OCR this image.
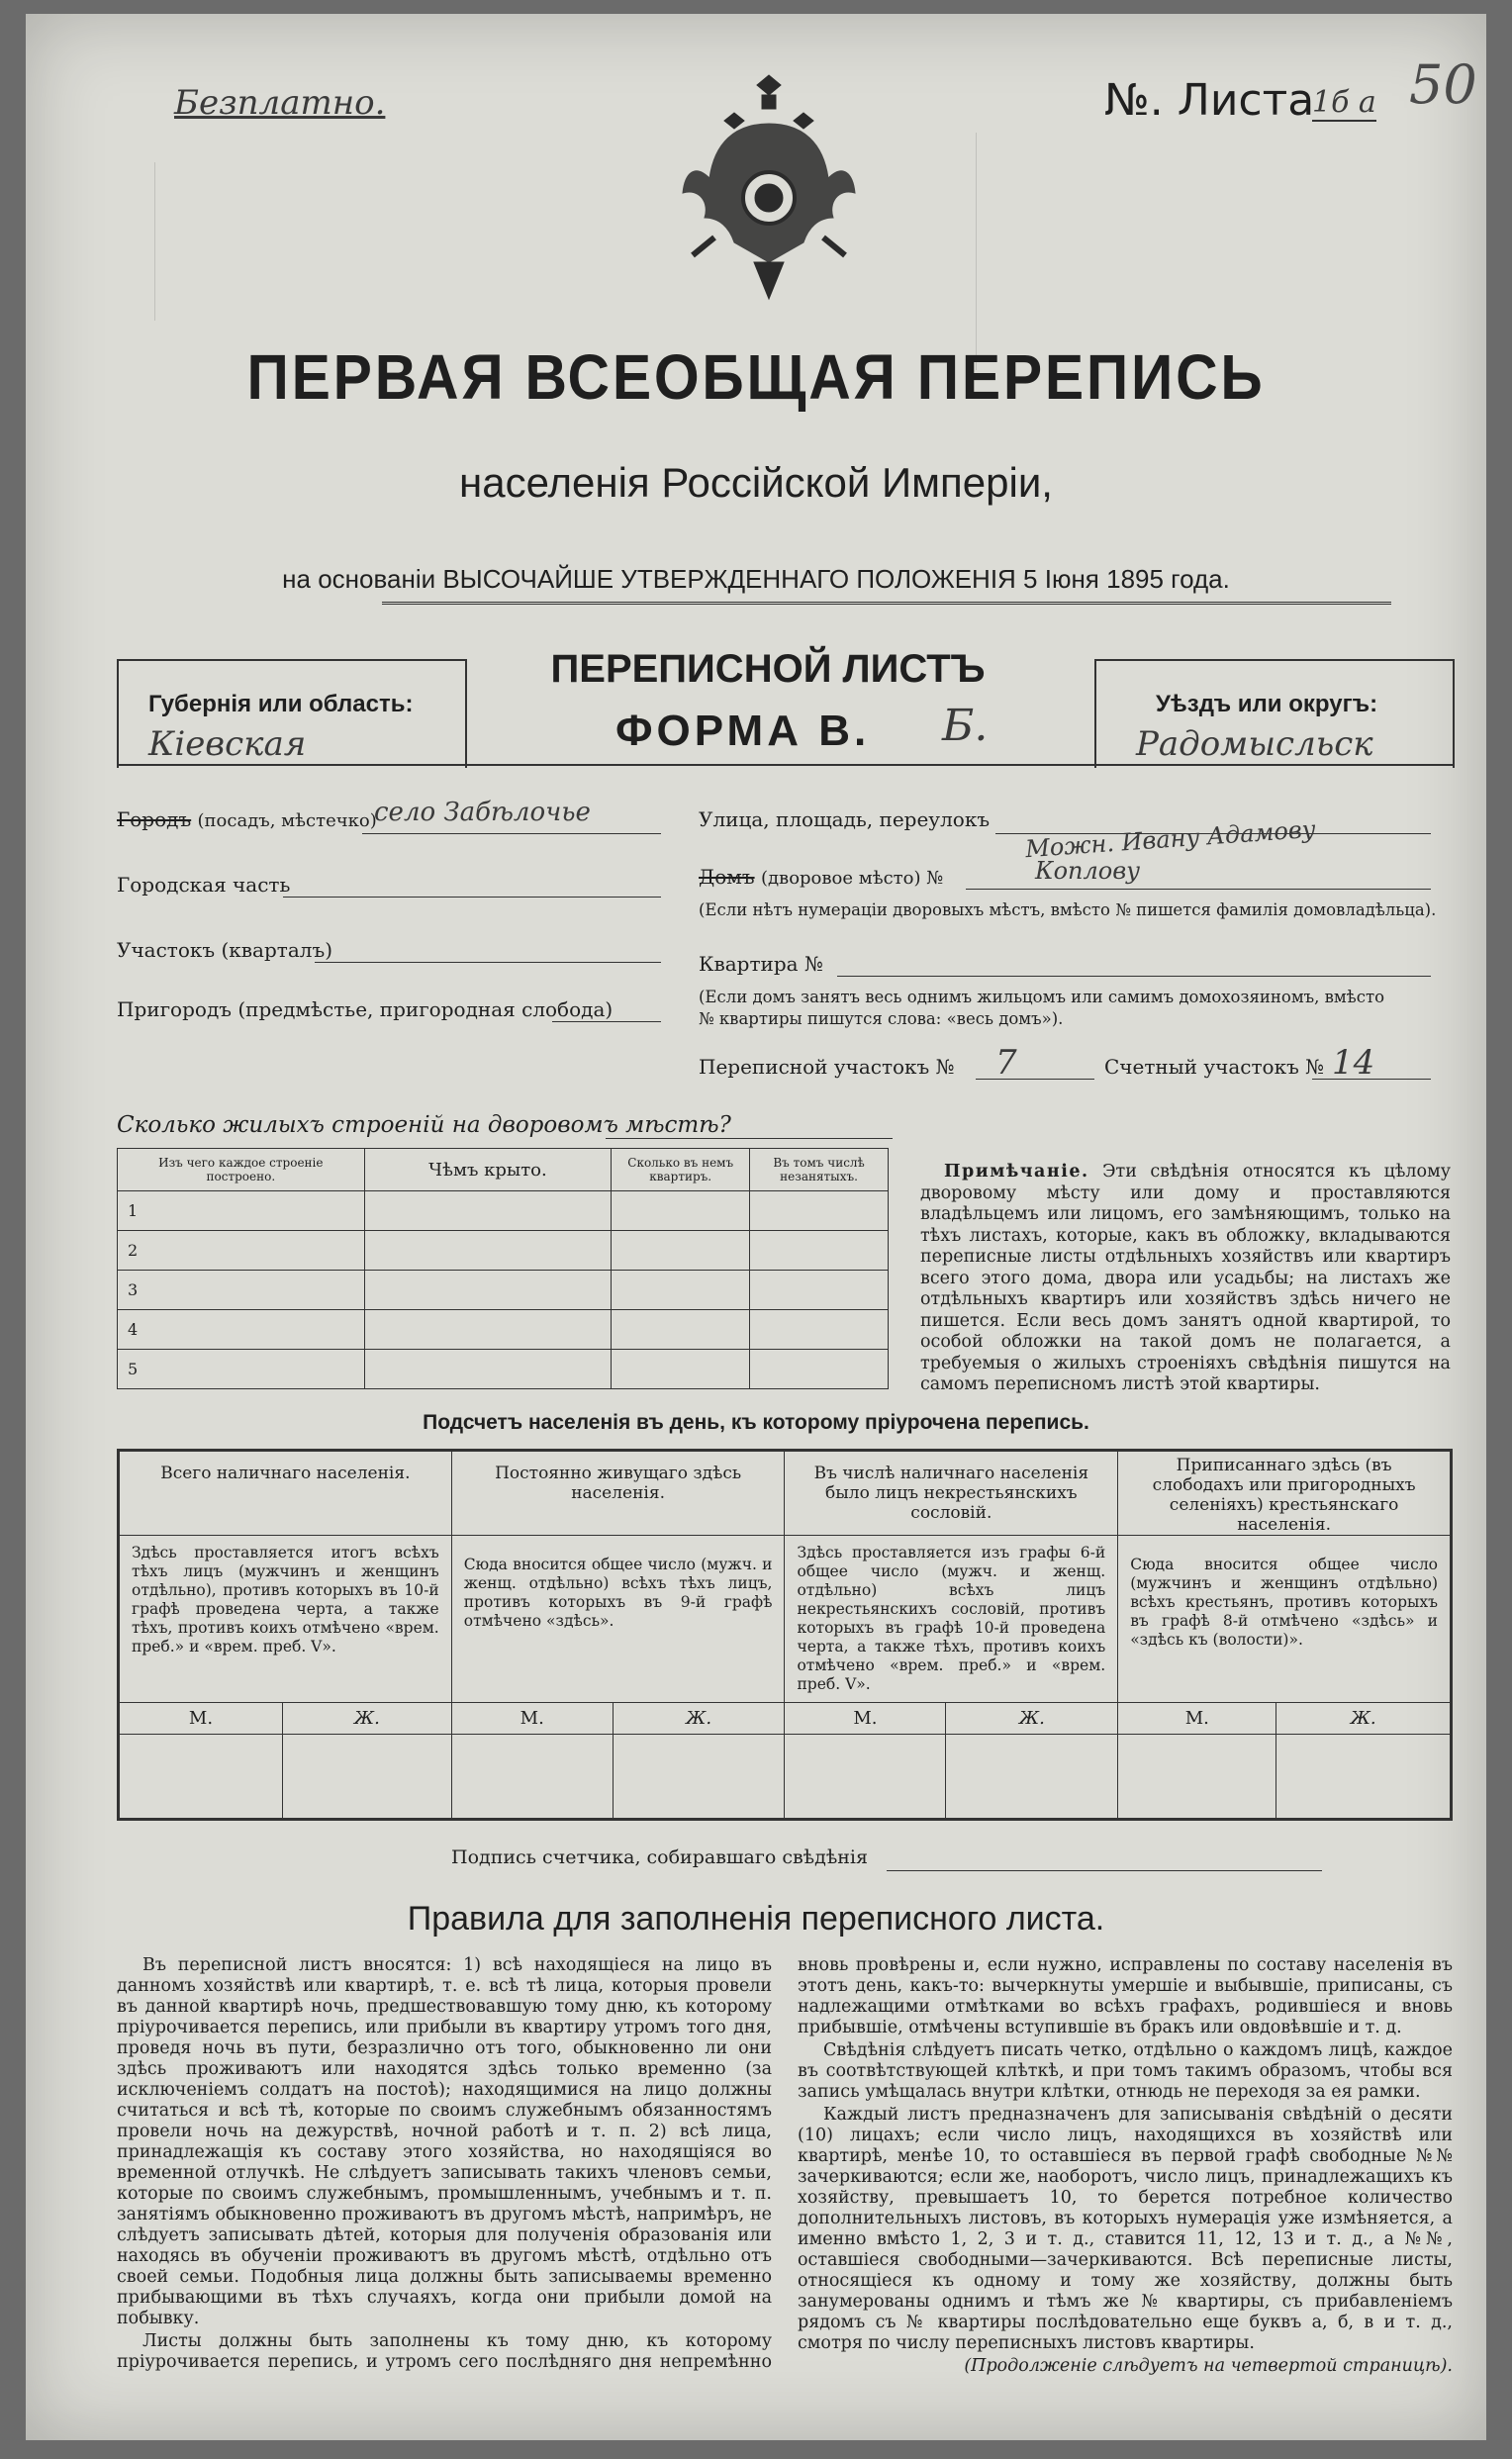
Безплатно.	№. Листа
1б а 50
ПЕРВАЯ ВСЕОБЩАЯ ПЕРЕПИСЬ
населенія Россійской Имперіи,
на основаніи ВЫСОЧАЙШЕ УТВЕРЖДЕННАГО ПОЛОЖЕНІЯ 5 Іюня 1895 года.
Губернія или область:
Кіевская
ПЕРЕПИСНОЙ ЛИСТЪ
ФОРМА В. Б.	Уѣздъ или округъ:
Радомысльск
Городъ (посадъ, мѣстечко)
село Забѣлочье
Городская часть
Участокъ (кварталъ)
Пригородъ (предмѣстье, пригородная слобода)
Улица, площадь, переулокъ Можн. Ивану Адамову
Домъ (дворовое мѣсто) №	Коплову
(Если нѣтъ нумераціи дворовыхъ мѣстъ, вмѣсто № пишется фамилія домовладѣльца).
Квартира №
(Если домъ занятъ весь однимъ жильцомъ или самимъ домохозяиномъ, вмѣсто
№ квартиры пишутся слова: «весь домъ»).
Переписной участокъ № 7	Счетный участокъ № 14
Сколько жилыхъ строеній на дворовомъ мѣстѣ?
Изъ чего каждое строеніе построено.	Чѣмъ крыто.	Сколько въ немъ квартиръ.	Въ томъ числѣ незанятыхъ.
1			
2			
3			
4			
5			
Примѣчаніе. Эти свѣдѣнія относятся къ цѣлому дворовому мѣсту или дому и проставляются владѣльцемъ или лицомъ, его замѣняющимъ, только на тѣхъ листахъ, которые, какъ въ обложку, вкладываются переписные листы отдѣльныхъ хозяйствъ или квартиръ всего этого дома, двора или усадьбы; на листахъ же отдѣльныхъ квартиръ или хозяйствъ здѣсь ничего не пишется. Если весь домъ занятъ одной квартирой, то особой обложки на такой домъ не полагается, а требуемыя о жилыхъ строеніяхъ свѣдѣнія пишутся на самомъ переписномъ листѣ этой квартиры.
Подсчетъ населенія въ день, къ которому пріурочена перепись.
Всего наличнаго населенія.		Постоянно живущаго здѣсь населенія.		Въ числѣ наличнаго населенія было лицъ некрестьянскихъ сословій.		Приписаннаго здѣсь (въ слободахъ или пригородныхъ селеніяхъ) крестьянскаго населенія.	
Здѣсь проставляется итогъ всѣхъ тѣхъ лицъ (мужчинъ и женщинъ отдѣльно), противъ которыхъ въ 10-й графѣ проведена черта, а также тѣхъ, противъ коихъ отмѣчено «врем. преб.» и «врем. преб. V».		Сюда вносится общее число (мужч. и женщ. отдѣльно) всѣхъ тѣхъ лицъ, противъ которыхъ въ 9-й графѣ отмѣчено «здѣсь».		Здѣсь проставляется изъ графы 6-й общее число (мужч. и женщ. отдѣльно) всѣхъ лицъ некрестьянскихъ сословій, противъ которыхъ въ графѣ 10-й проведена черта, а также тѣхъ, противъ коихъ отмѣчено «врем. преб.» и «врем. преб. V».		Сюда вносится общее число (мужчинъ и женщинъ отдѣльно) всѣхъ крестьянъ, противъ которыхъ въ графѣ 8-й отмѣчено «здѣсь» и «здѣсь къ (волости)».	
М.	Ж.	М.	Ж.	М.	Ж.	М.	Ж.

Подпись счетчика, собиравшаго свѣдѣнія
Правила для заполненія переписного листа.

Въ переписной листъ вносятся: 1) всѣ находящіеся на лицо въ данномъ хозяйствѣ или квартирѣ, т. е. всѣ тѣ лица, которыя провели въ данной квартирѣ ночь, предшествовавшую тому дню, къ которому пріурочивается перепись, или прибыли въ квартиру утромъ того дня, проведя ночь въ пути, безразлично отъ того, обыкновенно ли они здѣсь проживаютъ или находятся здѣсь только временно (за исключеніемъ солдатъ на постоѣ); находящимися на лицо должны считаться и всѣ тѣ, которые по своимъ служебнымъ обязанностямъ провели ночь на дежурствѣ, ночной работѣ и т. п. 2) всѣ лица, принадлежащія къ составу этого хозяйства, но находящіяся во временной отлучкѣ. Не слѣдуетъ записывать такихъ членовъ семьи, которые по своимъ служебнымъ, промышленнымъ, учебнымъ и т. п. занятіямъ обыкновенно проживаютъ въ другомъ мѣстѣ, напримѣръ, не слѣдуетъ записывать дѣтей, которыя для полученія образованія или находясь въ обученіи проживаютъ въ другомъ мѣстѣ, отдѣльно отъ своей семьи. Подобныя лица должны быть записываемы временно прибывающими въ тѣхъ случаяхъ, когда они прибыли домой на побывку.

Листы должны быть заполнены къ тому дню, къ которому пріурочивается перепись, и утромъ сего послѣдняго дня непремѣнно вновь провѣрены и, если нужно, исправлены по составу населенія въ этотъ день, какъ-то: вычеркнуты умершіе и выбывшіе, приписаны, съ надлежащими отмѣтками во всѣхъ графахъ, родившіеся и вновь прибывшіе, отмѣчены вступившіе въ бракъ или овдовѣвшіе и т. д.

Свѣдѣнія слѣдуетъ писать четко, отдѣльно о каждомъ лицѣ, каждое въ соотвѣтствующей клѣткѣ, и при томъ такимъ образомъ, чтобы вся запись умѣщалась внутри клѣтки, отнюдь не переходя за ея рамки.

Каждый листъ предназначенъ для записыванія свѣдѣній о десяти (10) лицахъ; если число лицъ, находящихся въ хозяйствѣ или квартирѣ, менѣе 10, то оставшіеся въ первой графѣ свободные №№ зачеркиваются; если же, наоборотъ, число лицъ, принадлежащихъ къ хозяйству, превышаетъ 10, то берется потребное количество дополнительныхъ листовъ, въ которыхъ нумерація уже измѣняется, а именно вмѣсто 1, 2, 3 и т. д., ставится 11, 12, 13 и т. д., а №№, оставшіеся свободными—зачеркиваются. Всѣ переписные листы, относящіеся къ одному и тому же хозяйству, должны быть занумерованы однимъ и тѣмъ же № квартиры, съ прибавленіемъ рядомъ съ № квартиры послѣдовательно еще буквъ а, б, в и т. д., смотря по числу переписныхъ листовъ квартиры.

(Продолженіе слѣдуетъ на четвертой страницѣ).
